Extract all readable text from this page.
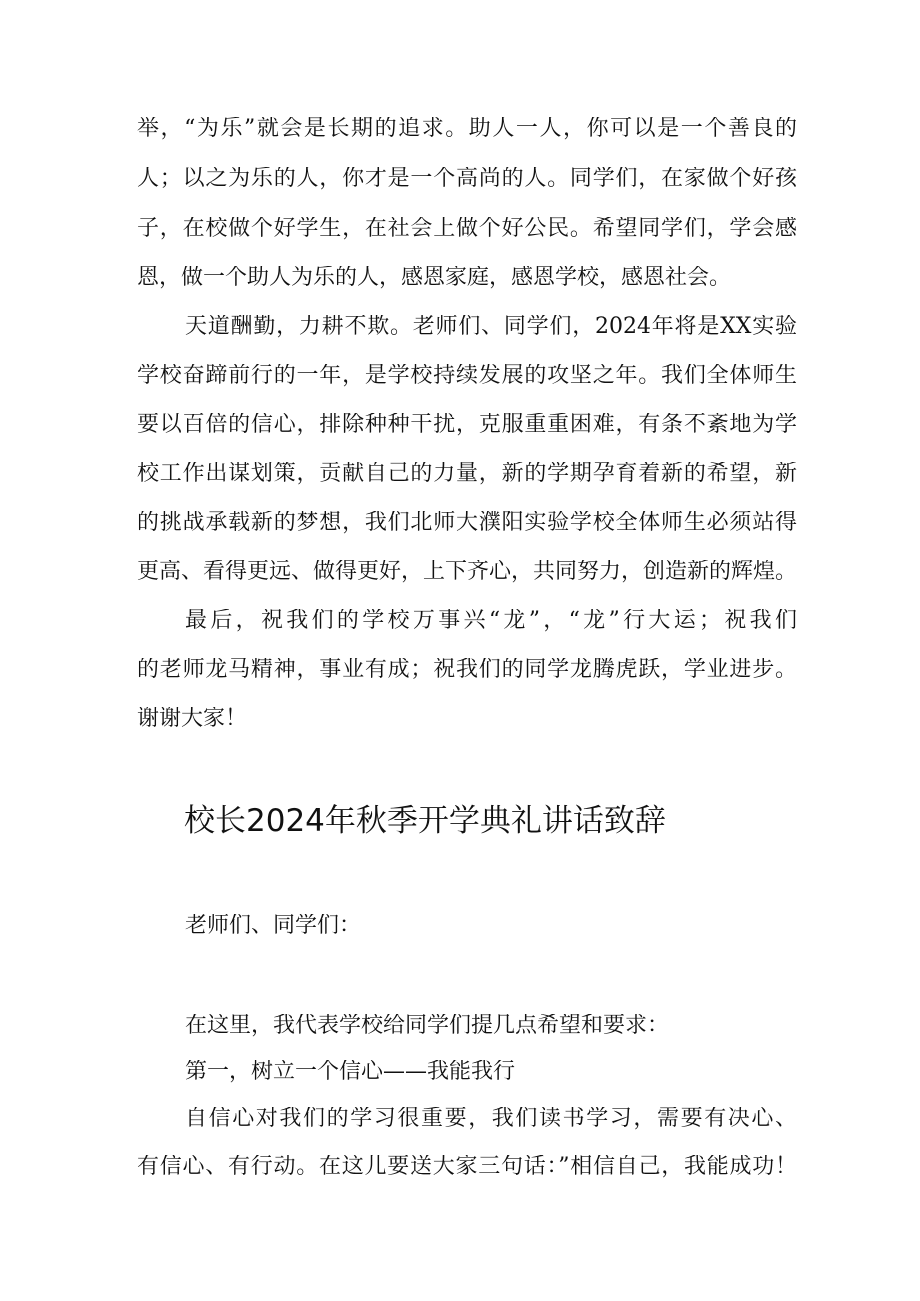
举，“为乐”就会是长期的追求。助人一人，你可以是一个善良的
人；以之为乐的人，你才是一个高尚的人。同学们，在家做个好孩
子，在校做个好学生，在社会上做个好公民。希望同学们，学会感
恩，做一个助人为乐的人，感恩家庭，感恩学校，感恩社会。
天道酬勤，力耕不欺。老师们、同学们，2024年将是XX实验
学校奋蹄前行的一年，是学校持续发展的攻坚之年。我们全体师生
要以百倍的信心，排除种种干扰，克服重重困难，有条不紊地为学
校工作出谋划策，贡献自己的力量，新的学期孕育着新的希望，新
的挑战承载新的梦想，我们北师大濮阳实验学校全体师生必须站得
更高、看得更远、做得更好，上下齐心，共同努力，创造新的辉煌。
最后，祝我们的学校万事兴“龙”，“龙”行大运；祝我们
的老师龙马精神，事业有成；祝我们的同学龙腾虎跃，学业进步。
谢谢大家！
校长2024年秋季开学典礼讲话致辞
老师们、同学们：
在这里，我代表学校给同学们提几点希望和要求：
第一，树立一个信心——我能我行
自信心对我们的学习很重要，我们读书学习，需要有决心、
有信心、有行动。在这儿要送大家三句话：”相信自己，我能成功！
